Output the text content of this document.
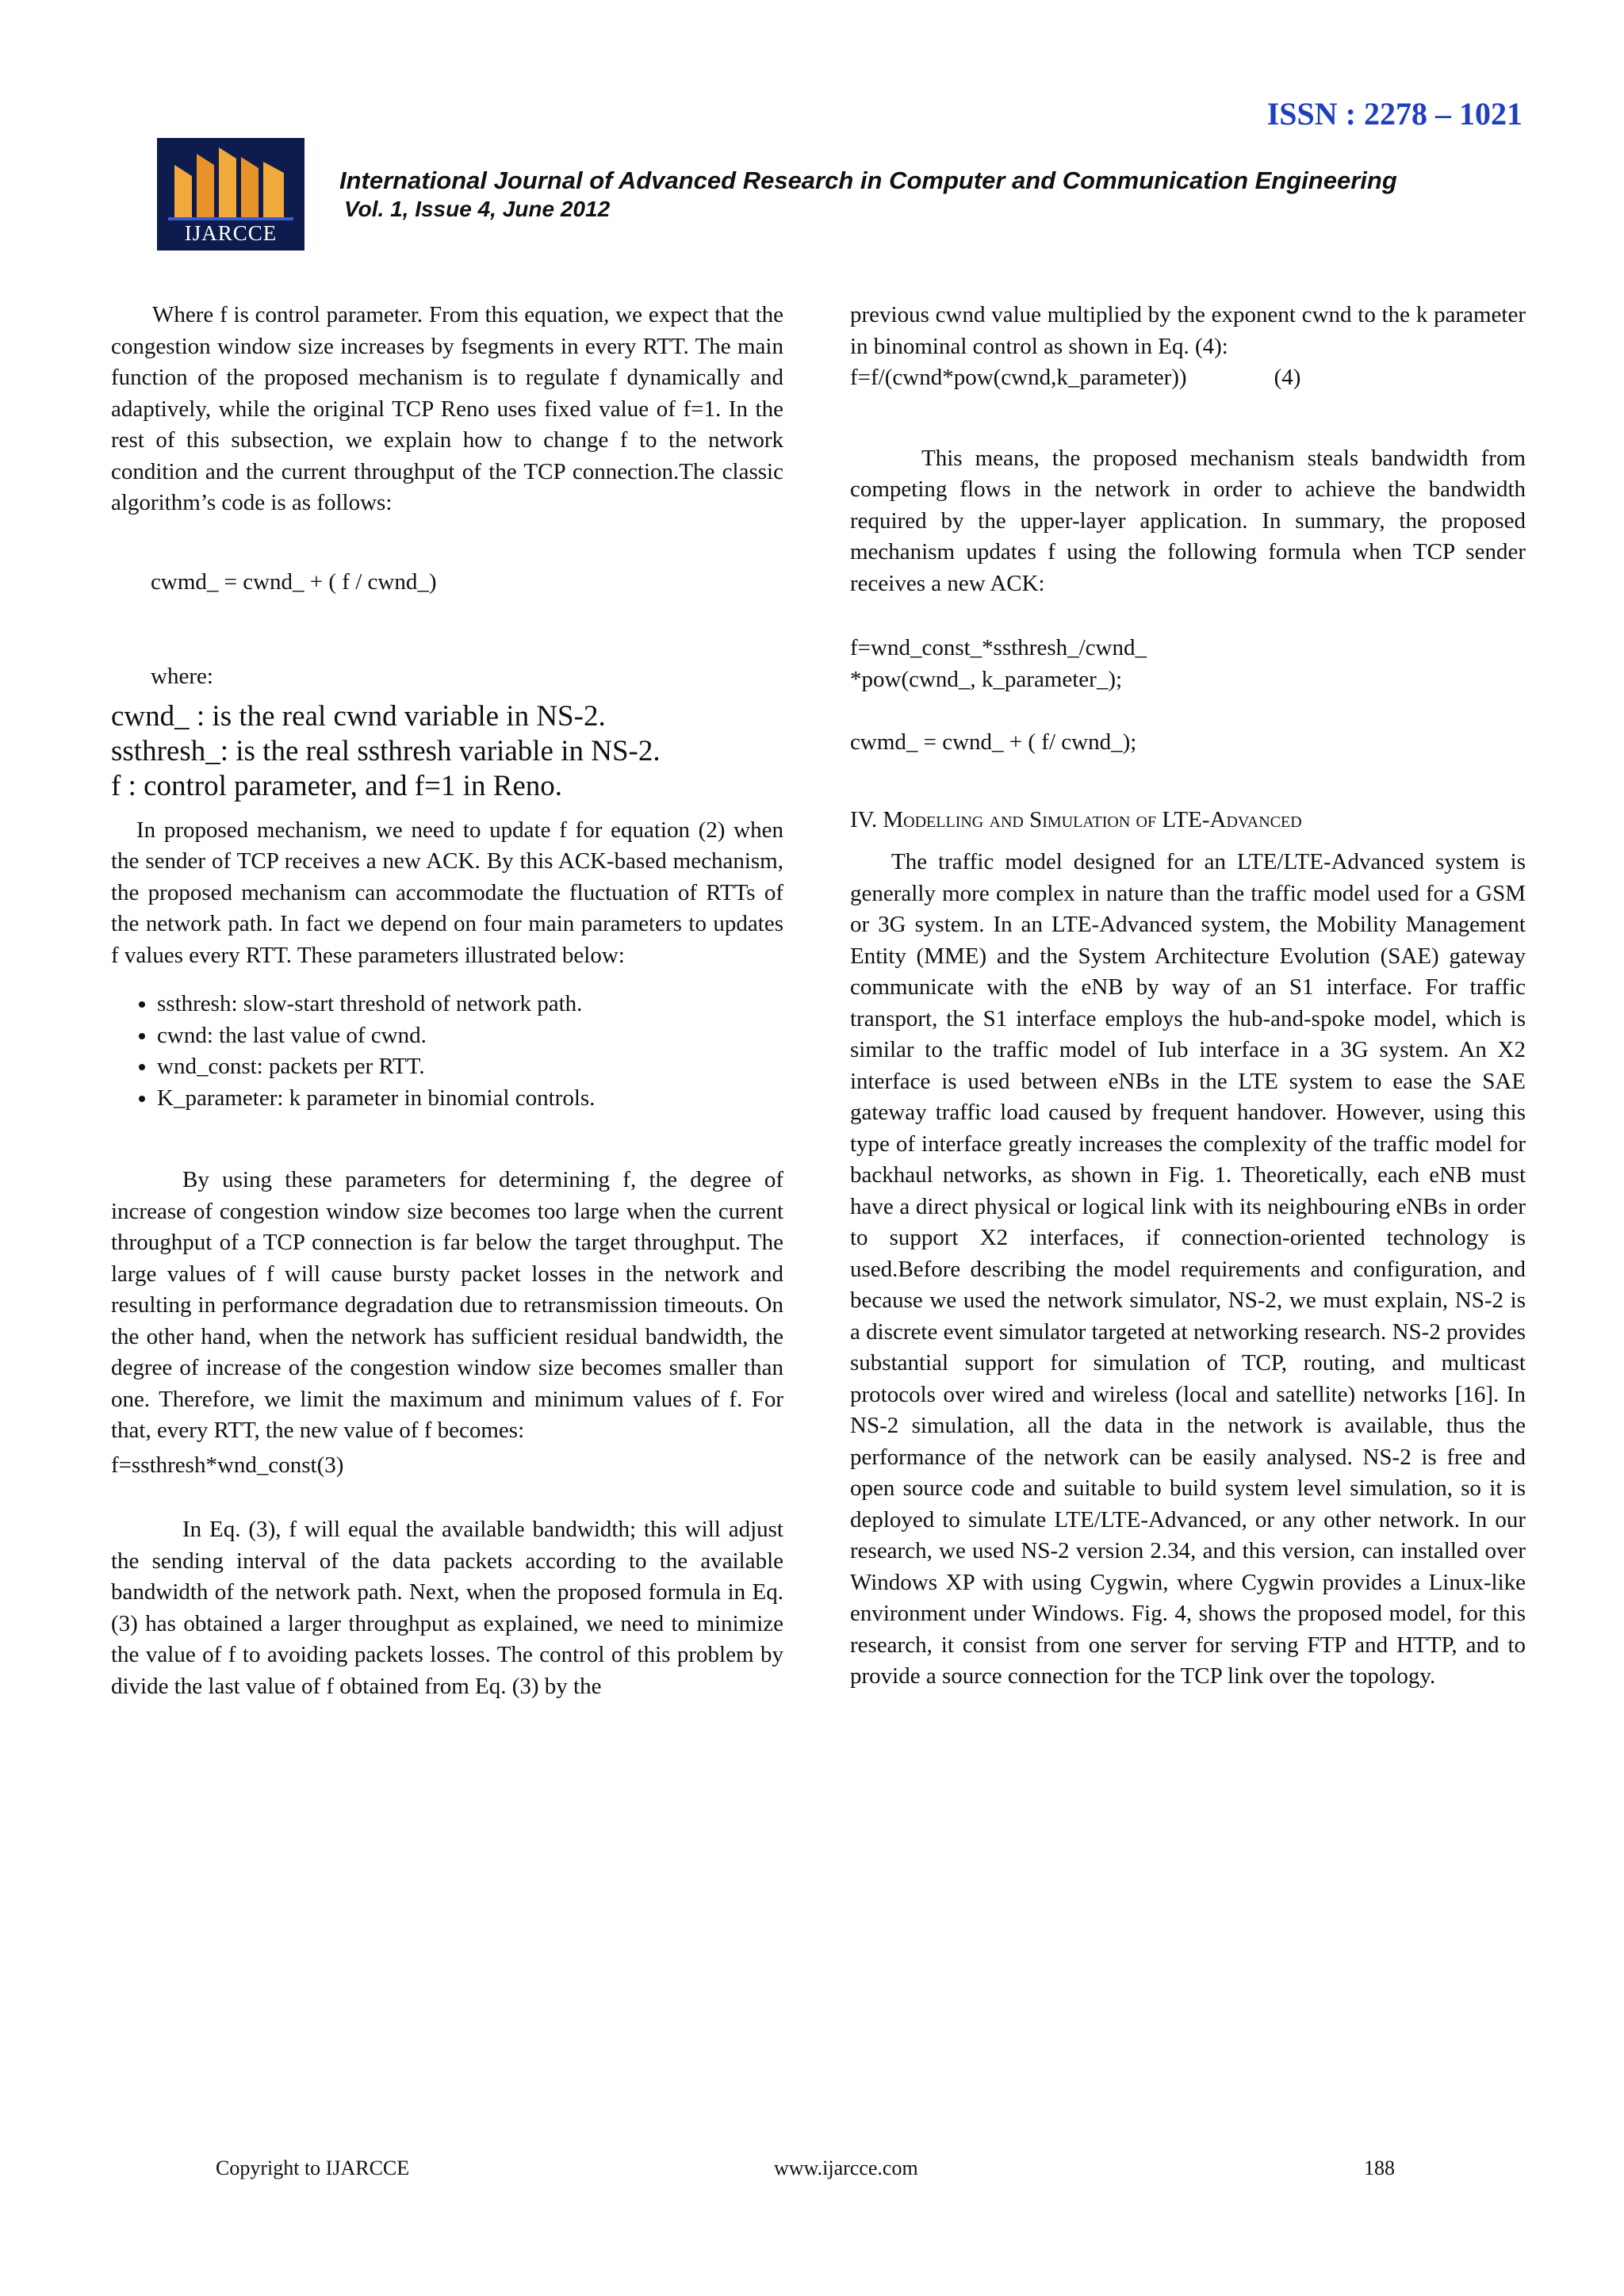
ISSN : 2278 – 1021
IJARCCE
International Journal of Advanced Research in Computer and Communication Engineering
Vol. 1, Issue 4, June 2012

Where f is control parameter. From this equation, we expect that the congestion window size increases by fsegments in every RTT. The main function of the proposed mechanism is to regulate f dynamically and adaptively, while the original TCP Reno uses fixed value of f=1. In the rest of this subsection, we explain how to change f to the network condition and the current throughput of the TCP connection.The classic algorithm’s code is as follows:

cwmd_ = cwnd_ + ( f / cwnd_)

where:

cwnd_ : is the real cwnd variable in NS-2.

ssthresh_: is the real ssthresh variable in NS-2.

f : control parameter, and f=1 in Reno.

In proposed mechanism, we need to update f for equation (2) when the sender of TCP receives a new ACK. By this ACK-based mechanism, the proposed mechanism can accommodate the fluctuation of RTTs of the network path. In fact we depend on four main parameters to updates f values every RTT. These parameters illustrated below:

• ssthresh: slow-start threshold of network path.
• cwnd: the last value of cwnd.
• wnd_const: packets per RTT.
• K_parameter: k parameter in binomial controls.

By using these parameters for determining f, the degree of increase of congestion window size becomes too large when the current throughput of a TCP connection is far below the target throughput. The large values of f will cause bursty packet losses in the network and resulting in performance degradation due to retransmission timeouts. On the other hand, when the network has sufficient residual bandwidth, the degree of increase of the congestion window size becomes smaller than one. Therefore, we limit the maximum and minimum values of f. For that, every RTT, the new value of f becomes:

f=ssthresh*wnd_const(3)

In Eq. (3), f will equal the available bandwidth; this will adjust the sending interval of the data packets according to the available bandwidth of the network path. Next, when the proposed formula in Eq. (3) has obtained a larger throughput as explained, we need to minimize the value of f to avoiding packets losses. The control of this problem by divide the last value of f obtained from Eq. (3) by the

previous cwnd value multiplied by the exponent cwnd to the k parameter in binominal control as shown in Eq. (4):

f=f/(cwnd*pow(cwnd,k_parameter))	(4)

This means, the proposed mechanism steals bandwidth from competing flows in the network in order to achieve the bandwidth required by the upper-layer application. In summary, the proposed mechanism updates f using the following formula when TCP sender receives a new ACK:

f=wnd_const_*ssthresh_/cwnd_

*pow(cwnd_, k_parameter_);

cwmd_ = cwnd_ + ( f/ cwnd_);

IV. Modelling and Simulation of LTE-Advanced

The traffic model designed for an LTE/LTE-Advanced system is generally more complex in nature than the traffic model used for a GSM or 3G system. In an LTE-Advanced system, the Mobility Management Entity (MME) and the System Architecture Evolution (SAE) gateway communicate with the eNB by way of an S1 interface. For traffic transport, the S1 interface employs the hub-and-spoke model, which is similar to the traffic model of Iub interface in a 3G system. An X2 interface is used between eNBs in the LTE system to ease the SAE gateway traffic load caused by frequent handover. However, using this type of interface greatly increases the complexity of the traffic model for backhaul networks, as shown in Fig. 1. Theoretically, each eNB must have a direct physical or logical link with its neighbouring eNBs in order to support X2 interfaces, if connection-oriented technology is used.Before describing the model requirements and configuration, and because we used the network simulator, NS-2, we must explain, NS-2 is a discrete event simulator targeted at networking research. NS-2 provides substantial support for simulation of TCP, routing, and multicast protocols over wired and wireless (local and satellite) networks [16]. In NS-2 simulation, all the data in the network is available, thus the performance of the network can be easily analysed. NS-2 is free and open source code and suitable to build system level simulation, so it is deployed to simulate LTE/LTE-Advanced, or any other network. In our research, we used NS-2 version 2.34, and this version, can installed over Windows XP with using Cygwin, where Cygwin provides a Linux-like environment under Windows. Fig. 4, shows the proposed model, for this research, it consist from one server for serving FTP and HTTP, and to provide a source connection for the TCP link over the topology.

Copyright to IJARCCE	www.ijarcce.com	188
